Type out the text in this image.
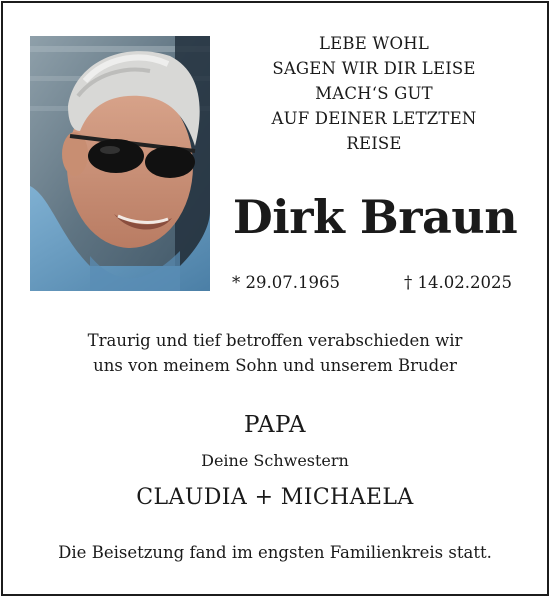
LEBE WOHL
SAGEN WIR DIR LEISE
MACH‘S GUT
AUF DEINER LETZTEN
REISE
Dirk Braun
* 29.07.1965	† 14.02.2025
Traurig und tief betroffen verabschieden wir
uns von meinem Sohn und unserem Bruder
PAPA
Deine Schwestern
CLAUDIA + MICHAELA
Die Beisetzung fand im engsten Familienkreis statt.
